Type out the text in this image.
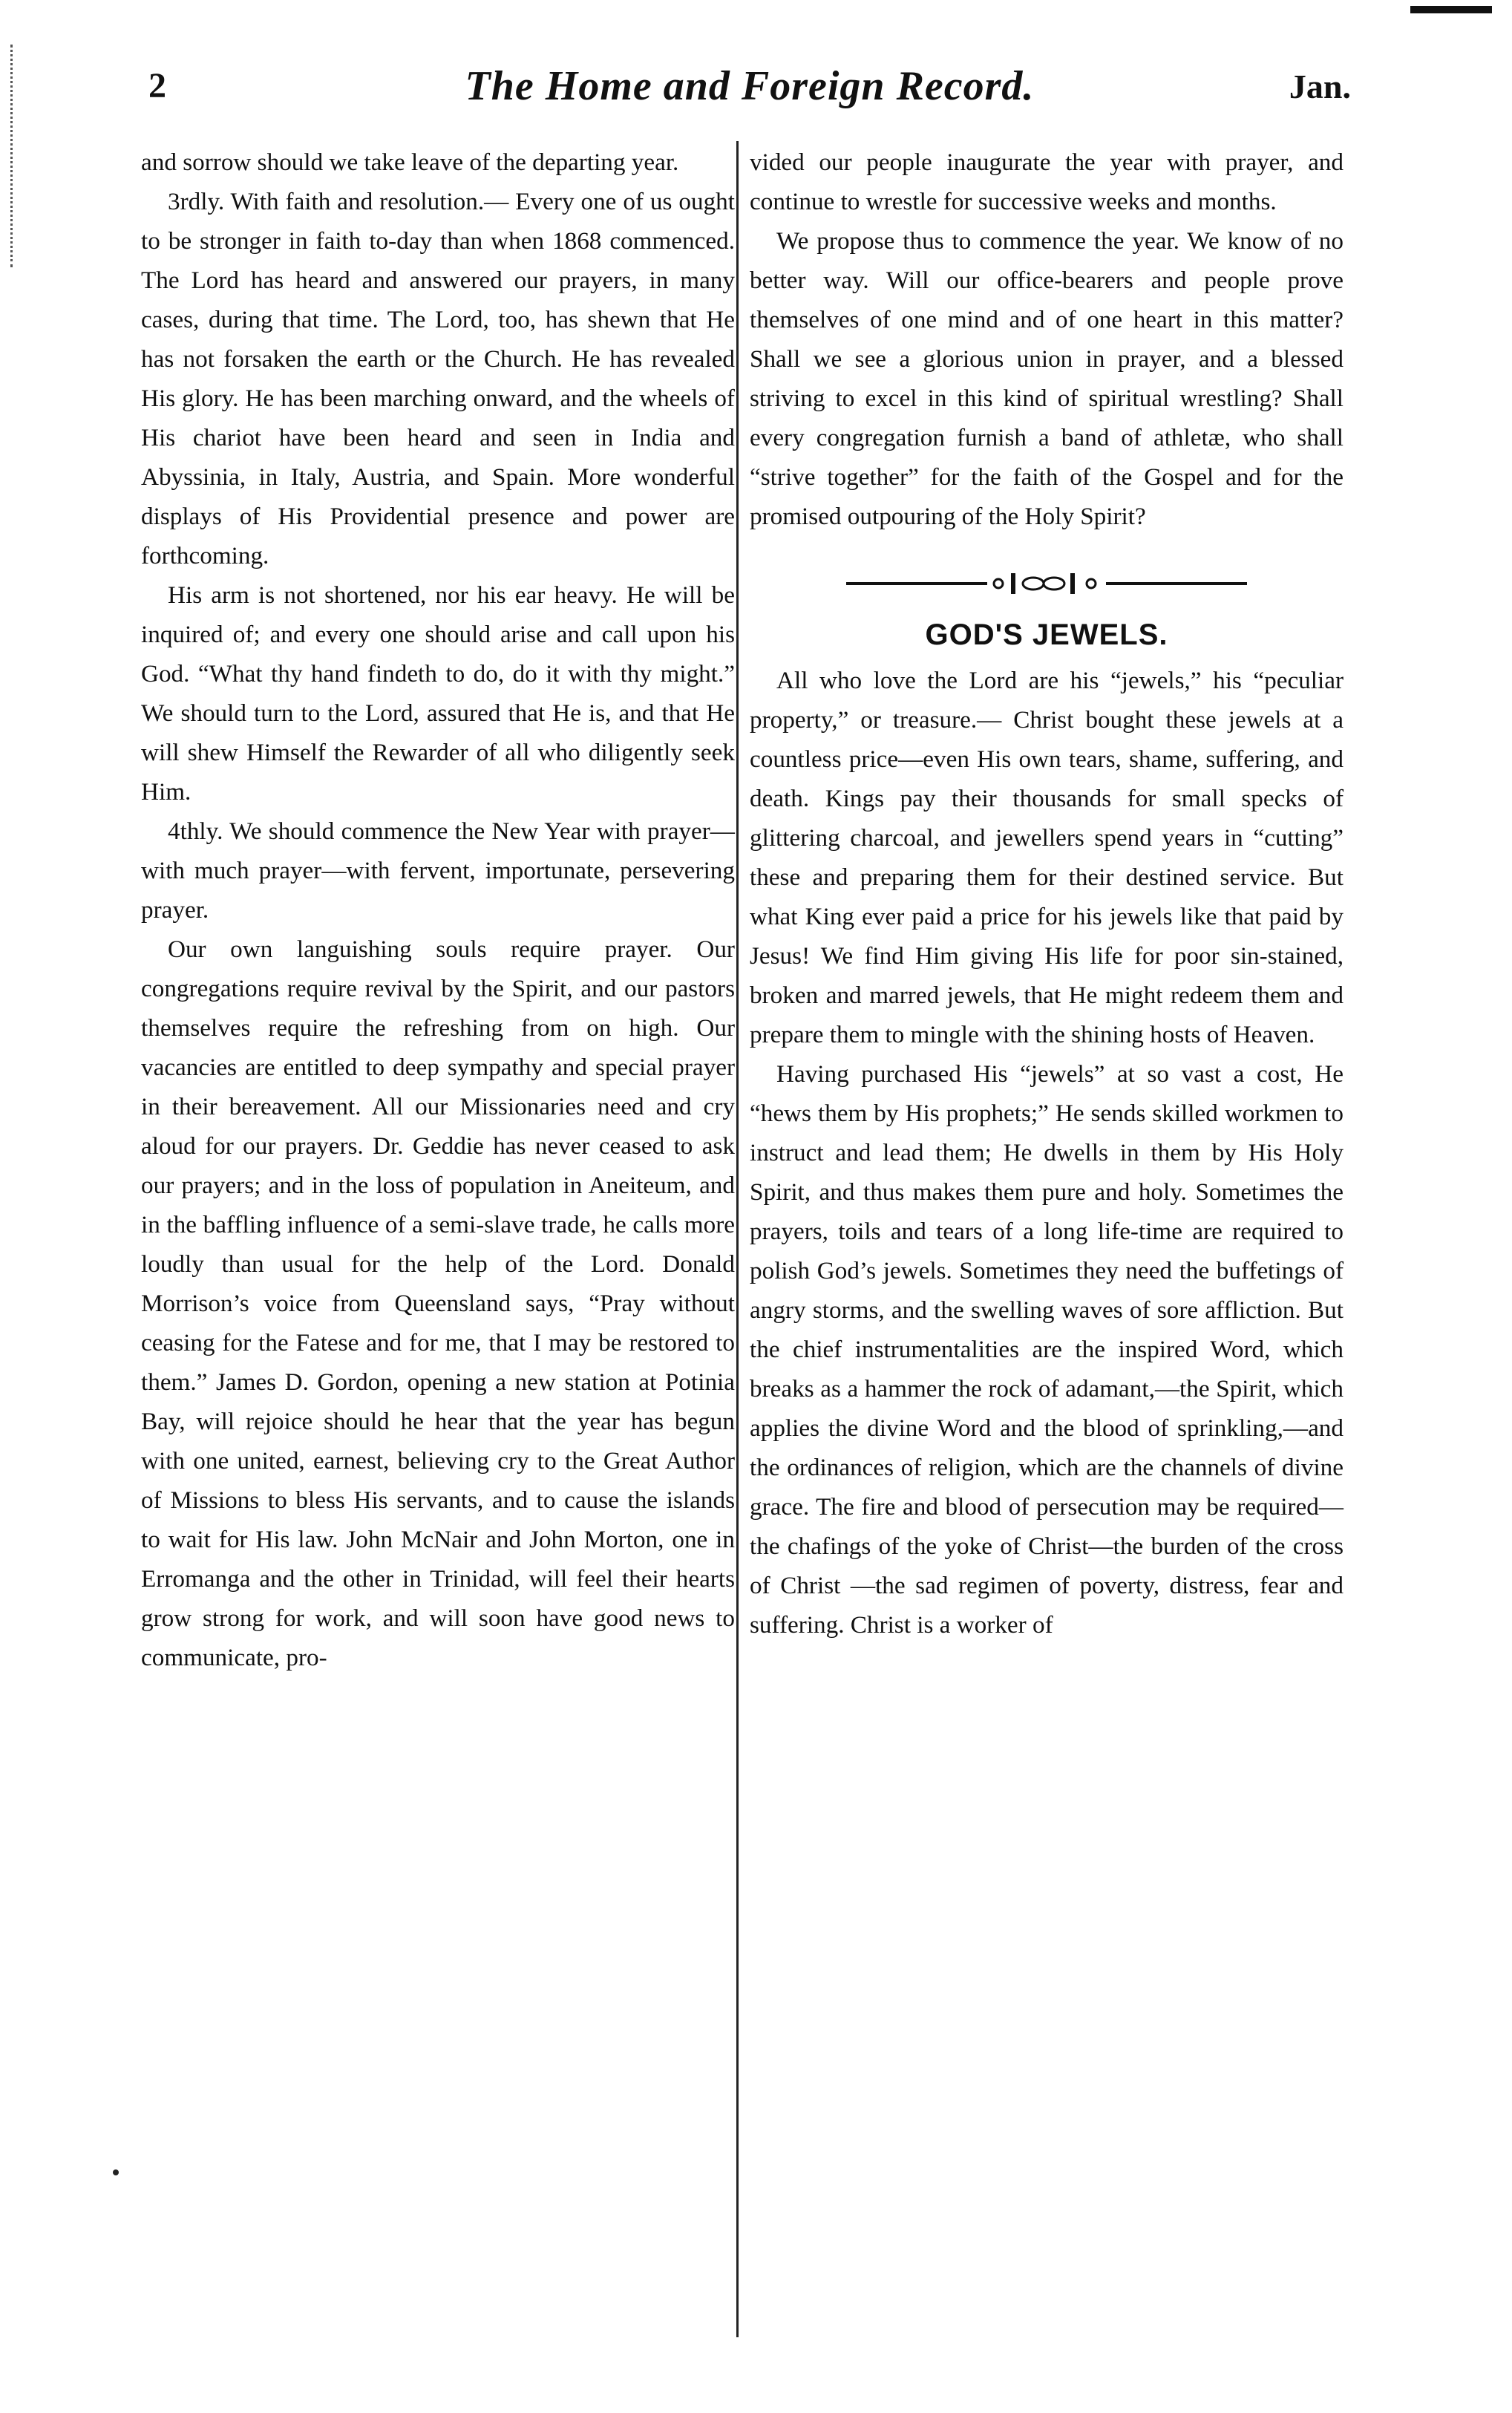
2	The Home and Foreign Record.	Jan.

and sorrow should we take leave of the departing year.

3rdly. With faith and resolution.— Every one of us ought to be stronger in faith to-day than when 1868 commenced. The Lord has heard and answered our prayers, in many cases, during that time. The Lord, too, has shewn that He has not forsaken the earth or the Church. He has revealed His glory. He has been marching onward, and the wheels of His chariot have been heard and seen in India and Abyssinia, in Italy, Austria, and Spain. More wonderful displays of His Providential presence and power are forthcoming.

His arm is not shortened, nor his ear heavy. He will be inquired of; and every one should arise and call upon his God. “What thy hand findeth to do, do it with thy might.” We should turn to the Lord, assured that He is, and that He will shew Himself the Rewarder of all who diligently seek Him.

4thly. We should commence the New Year with prayer—with much prayer—with fervent, importunate, persevering prayer.

Our own languishing souls require prayer. Our congregations require revival by the Spirit, and our pastors themselves require the refreshing from on high. Our vacancies are entitled to deep sympathy and special prayer in their bereavement. All our Missionaries need and cry aloud for our prayers. Dr. Geddie has never ceased to ask our prayers; and in the loss of population in Aneiteum, and in the baffling influence of a semi-slave trade, he calls more loudly than usual for the help of the Lord. Donald Morrison’s voice from Queensland says, “Pray without ceasing for the Fatese and for me, that I may be restored to them.” James D. Gordon, opening a new station at Potinia Bay, will rejoice should he hear that the year has begun with one united, earnest, believing cry to the Great Author of Missions to bless His servants, and to cause the islands to wait for His law. John McNair and John Morton, one in Erromanga and the other in Trinidad, will feel their hearts grow strong for work, and will soon have good news to communicate, pro-

vided our people inaugurate the year with prayer, and continue to wrestle for successive weeks and months.

We propose thus to commence the year. We know of no better way. Will our office-bearers and people prove themselves of one mind and of one heart in this matter? Shall we see a glorious union in prayer, and a blessed striving to excel in this kind of spiritual wrestling? Shall every congregation furnish a band of athletæ, who shall “strive together” for the faith of the Gospel and for the promised outpouring of the Holy Spirit?

GOD'S JEWELS.

All who love the Lord are his “jewels,” his “peculiar property,” or treasure.— Christ bought these jewels at a countless price—even His own tears, shame, suffering, and death. Kings pay their thousands for small specks of glittering charcoal, and jewellers spend years in “cutting” these and preparing them for their destined service. But what King ever paid a price for his jewels like that paid by Jesus! We find Him giving His life for poor sin-stained, broken and marred jewels, that He might redeem them and prepare them to mingle with the shining hosts of Heaven.

Having purchased His “jewels” at so vast a cost, He “hews them by His prophets;” He sends skilled workmen to instruct and lead them; He dwells in them by His Holy Spirit, and thus makes them pure and holy. Sometimes the prayers, toils and tears of a long life-time are required to polish God’s jewels. Sometimes they need the buffetings of angry storms, and the swelling waves of sore affliction. But the chief instrumentalities are the inspired Word, which breaks as a hammer the rock of adamant,—the Spirit, which applies the divine Word and the blood of sprinkling,—and the ordinances of religion, which are the channels of divine grace. The fire and blood of persecution may be required—the chafings of the yoke of Christ—the burden of the cross of Christ —the sad regimen of poverty, distress, fear and suffering. Christ is a worker of
